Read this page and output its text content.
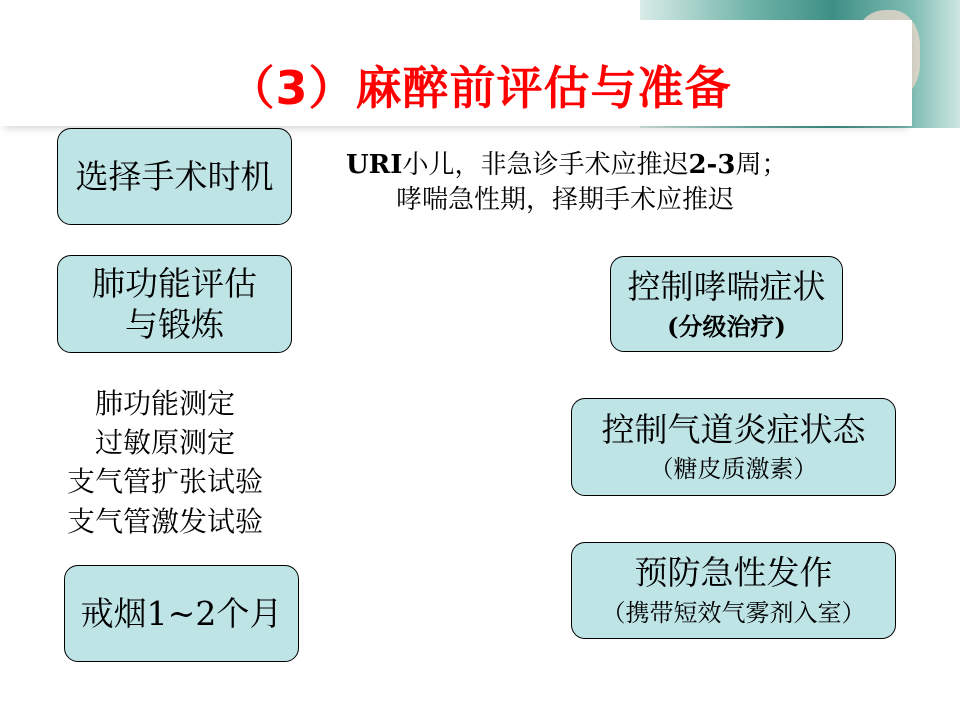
（3）麻醉前评估与准备
选择手术时机
肺功能评估
与锻炼
肺功能测定
过敏原测定
支气管扩张试验
支气管激发试验
戒烟1~2个月
URI小儿，非急诊手术应推迟2-3周；
哮喘急性期，择期手术应推迟
控制哮喘症状
(分级治疗)
控制气道炎症状态
（糖皮质激素）
预防急性发作
（携带短效气雾剂入室）
